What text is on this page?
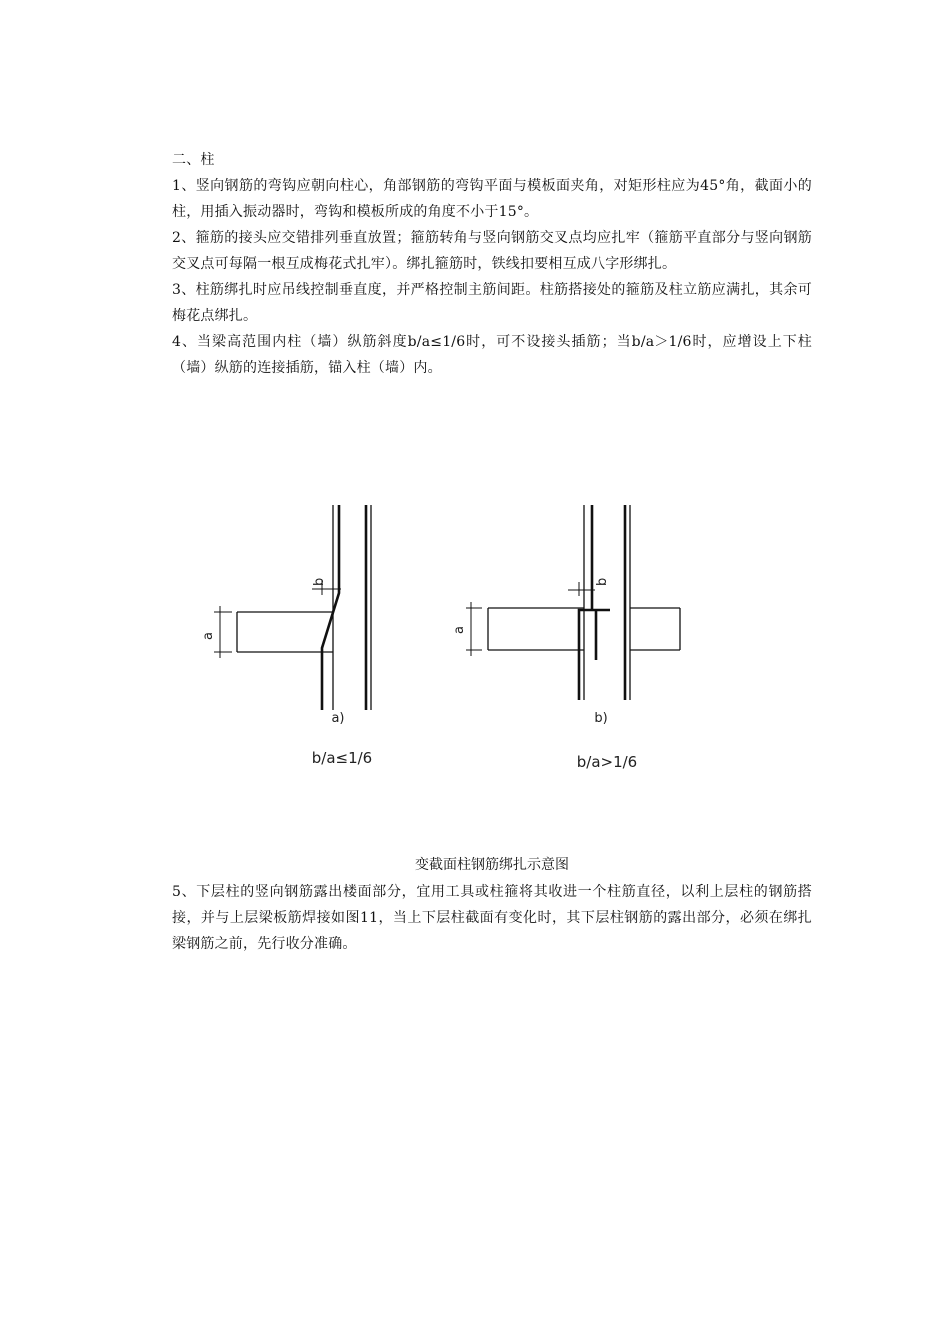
二、柱

1、竖向钢筋的弯钩应朝向柱心，角部钢筋的弯钩平面与模板面夹角，对矩形柱应为45°角，截面小的柱，用插入振动器时，弯钩和模板所成的角度不小于15°。

2、箍筋的接头应交错排列垂直放置；箍筋转角与竖向钢筋交叉点均应扎牢（箍筋平直部分与竖向钢筋交叉点可每隔一根互成梅花式扎牢）。绑扎箍筋时，铁线扣要相互成八字形绑扎。

3、柱筋绑扎时应吊线控制垂直度，并严格控制主筋间距。柱筋搭接处的箍筋及柱立筋应满扎，其余可梅花点绑扎。

4、当梁高范围内柱（墙）纵筋斜度b/a≤1/6时，可不设接头插筋；当b/a＞1/6时，应增设上下柱（墙）纵筋的连接插筋，锚入柱（墙）内。

a
b
a)
b/a≤1/6
a
b
b)
b/a>1/6
变截面柱钢筋绑扎示意图

5、下层柱的竖向钢筋露出楼面部分，宜用工具或柱箍将其收进一个柱筋直径，以利上层柱的钢筋搭接，并与上层梁板筋焊接如图11，当上下层柱截面有变化时，其下层柱钢筋的露出部分，必须在绑扎梁钢筋之前，先行收分准确。
